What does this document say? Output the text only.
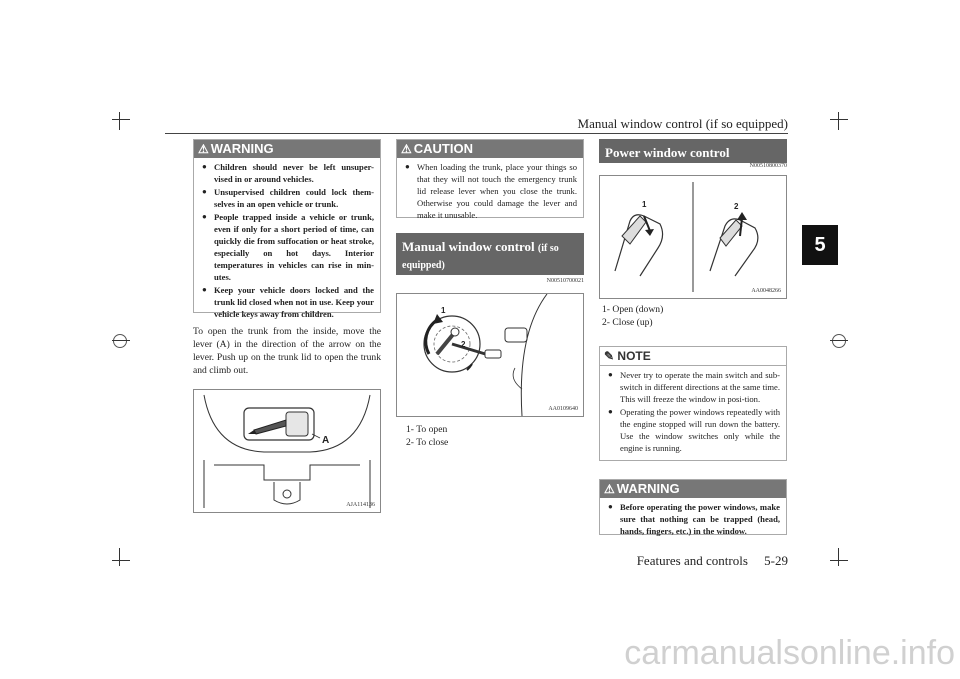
Manual window control (if so equipped)
5
⚠ WARNING
● Children should never be left unsuper-vised in or around vehicles.
● Unsupervised children could lock them-selves in an open vehicle or trunk.
● People trapped inside a vehicle or trunk, even if only for a short period of time, can quickly die from suffocation or heat stroke, especially on hot days. Interior temperatures in vehicles can rise in min-utes.
● Keep your vehicle doors locked and the trunk lid closed when not in use. Keep your vehicle keys away from children.
To open the trunk from the inside, move the lever (A) in the direction of the arrow on the lever. Push up on the trunk lid to open the trunk and climb out.
A
AJA114136
⚠ CAUTION
● When loading the trunk, place your things so that they will not touch the emergency trunk lid release lever when you close the trunk. Otherwise you could damage the lever and make it unusable.
Manual window control (if so equipped)
N00510700021
1
2
AA0109640
1- To open
2- To close
Power window control
N00510800370
1	2
AA0048266
1- Open (down)
2- Close (up)
✎ NOTE
● Never try to operate the main switch and sub-switch in different directions at the same time. This will freeze the window in posi-tion.
● Operating the power windows repeatedly with the engine stopped will run down the battery. Use the window switches only while the engine is running.
⚠ WARNING
● Before operating the power windows, make sure that nothing can be trapped (head, hands, fingers, etc.) in the window.
Features and controls 5-29
carmanualsonline.info
